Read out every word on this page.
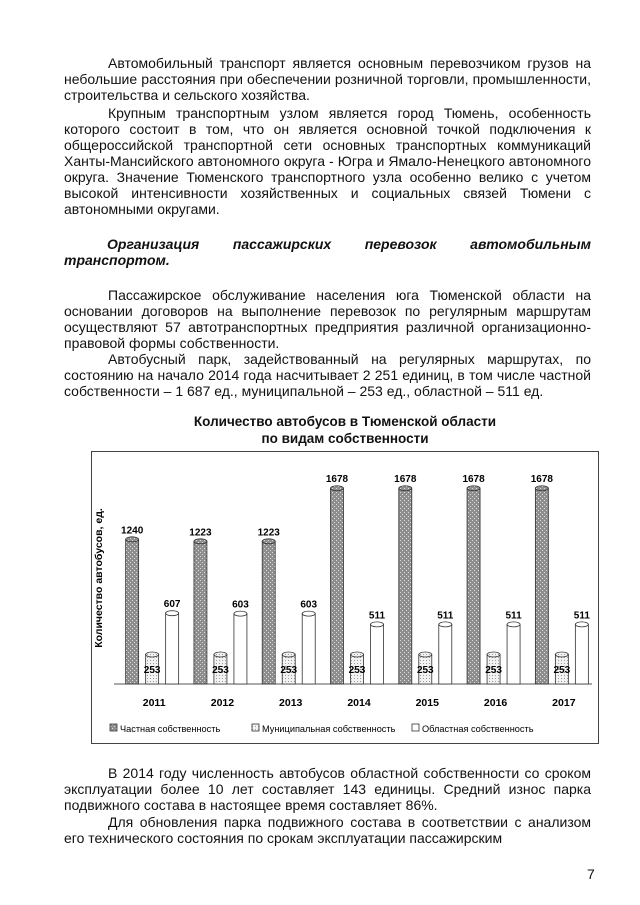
Автомобильный транспорт является основным перевозчиком грузов на небольшие расстояния при обеспечении розничной торговли, промышленности, строительства и сельского хозяйства.

Крупным транспортным узлом является город Тюмень, особенность которого состоит в том, что он является основной точкой подключения к общероссийской транспортной сети основных транспортных коммуникаций Ханты-Мансийского автономного округа - Югра и Ямало-Ненецкого автономного округа. Значение Тюменского транспортного узла особенно велико с учетом высокой интенсивности хозяйственных и социальных связей Тюмени с автономными округами.

Организация пассажирских перевозок автомобильным
транспортом.

Пассажирское обслуживание населения юга Тюменской области на основании договоров на выполнение перевозок по регулярным маршрутам осуществляют 57 автотранспортных предприятия различной организационно-правовой формы собственности.

Автобусный парк, задействованный на регулярных маршрутах, по состоянию на начало 2014 года насчитывает 2 251 единиц, в том числе частной собственности – 1 687 ед., муниципальной – 253 ед., областной – 511 ед.

Количество автобусов в Тюменской области
по видам собственности
Количество автобусов, ед. 1240
253
607
2011
1223
253
603
2012
1223
253
603
2013
1678
253
511
2014
1678
253
511
2015
1678
253
511
2016
1678
253
511
2017
Частная собственность	Муниципальная собственность	Областная собственность

В 2014 году численность автобусов областной собственности со сроком эксплуатации более 10 лет составляет 143 единицы. Средний износ парка подвижного состава в настоящее время составляет 86%.

Для обновления парка подвижного состава в соответствии с анализом его технического состояния по срокам эксплуатации пассажирским

7
